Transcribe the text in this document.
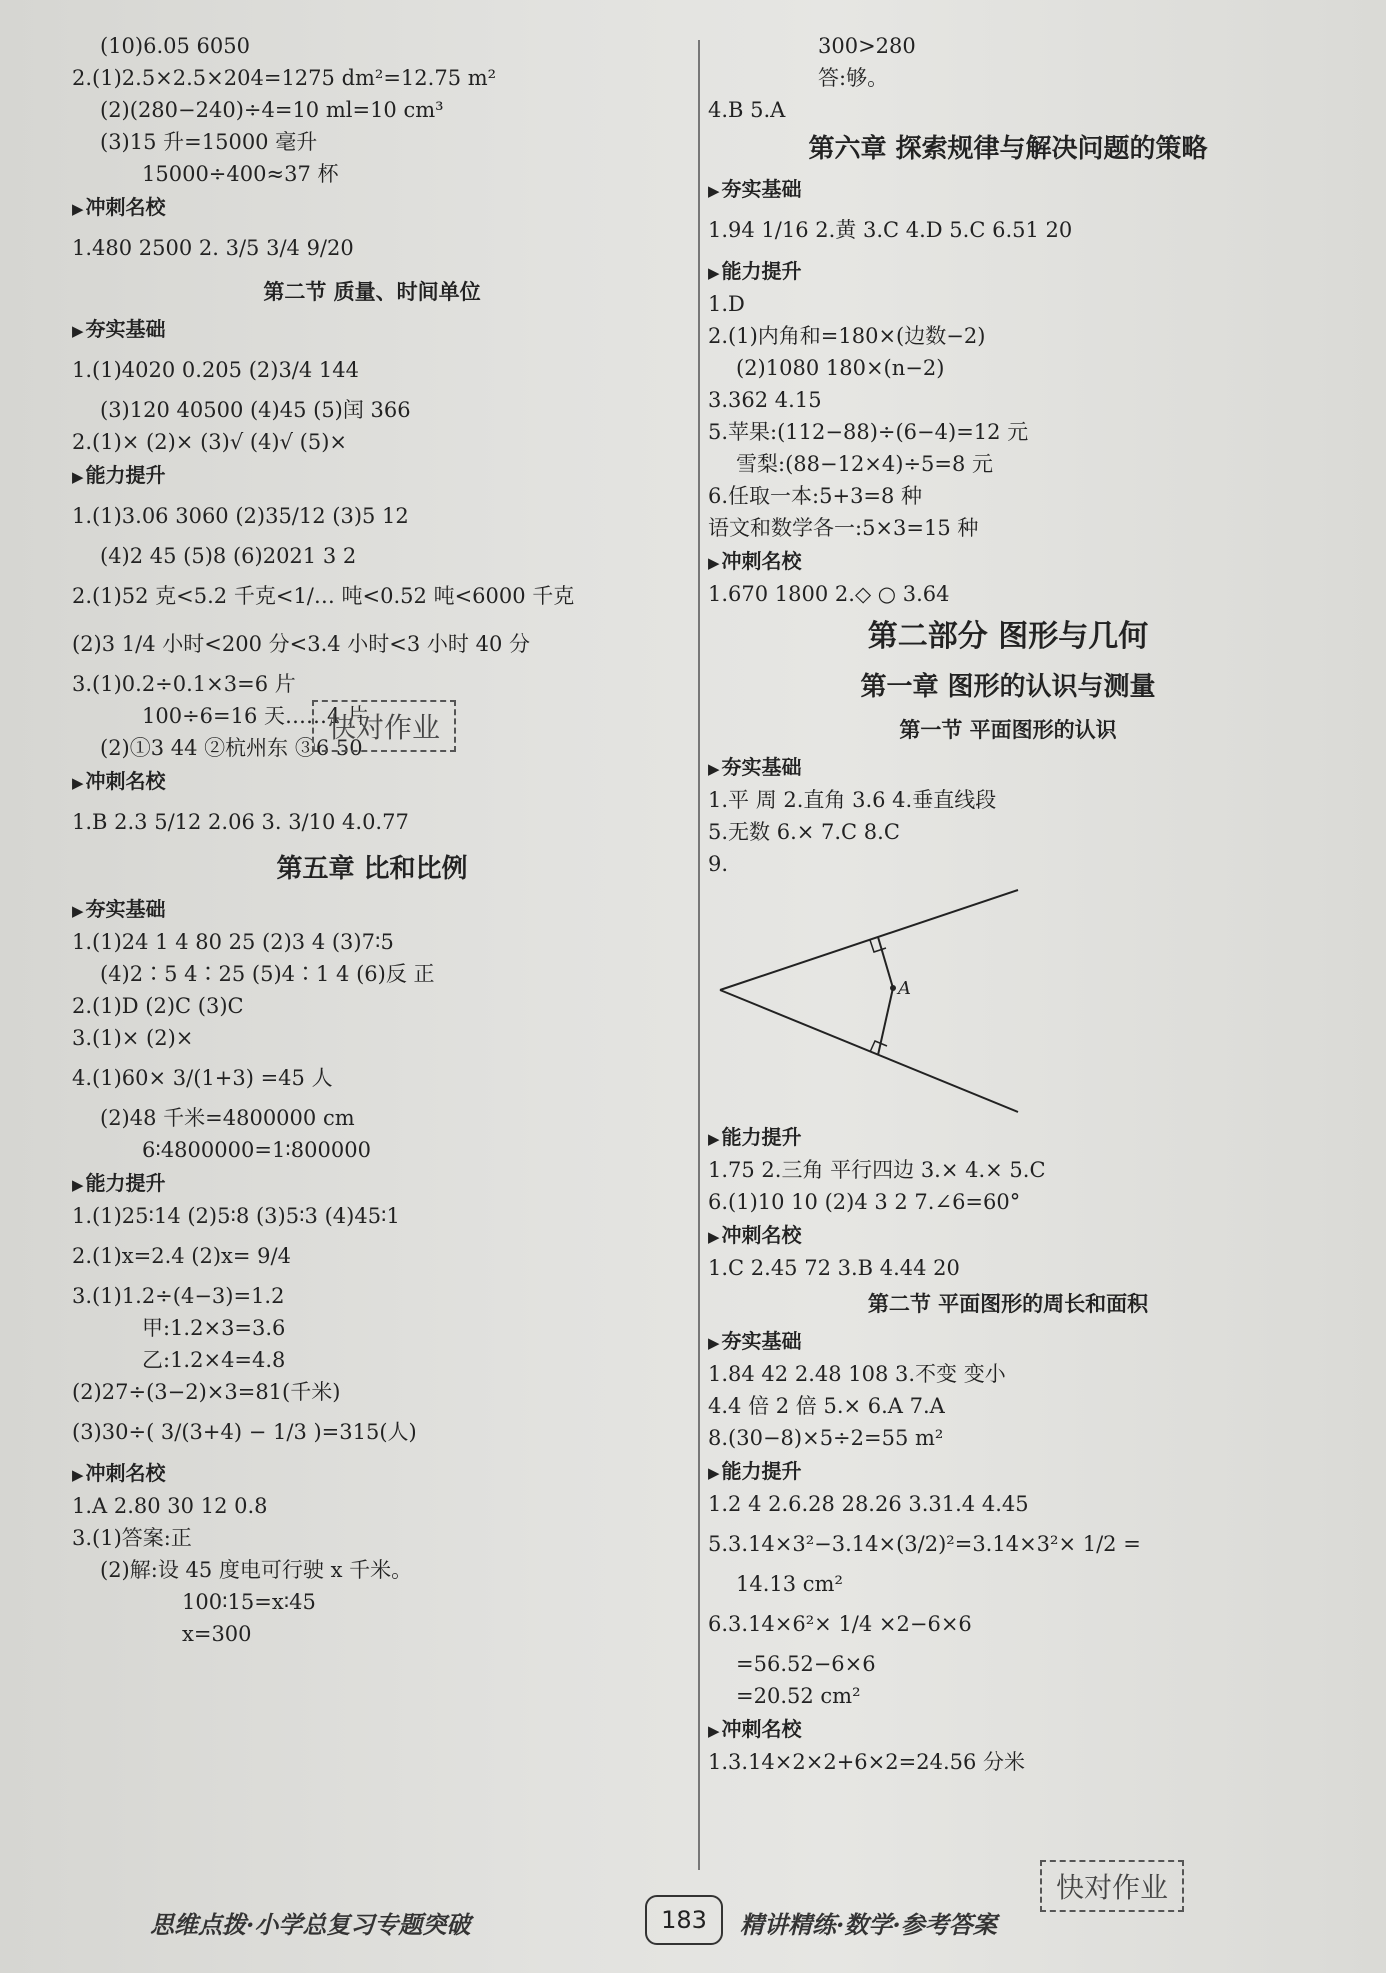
(10)6.05 6050
2.(1)2.5×2.5×204=1275 dm²=12.75 m²
(2)(280−240)÷4=10 ml=10 cm³
(3)15 升=15000 毫升
15000÷400≈37 杯
▶ 冲刺名校
1.480 2500 2. 3/5 3/4 9/20
第二节 质量、时间单位
▶ 夯实基础
1.(1)4020 0.205 (2)3/4 144
(3)120 40500 (4)45 (5)闰 366
2.(1)× (2)× (3)√ (4)√ (5)×
▶ 能力提升
1.(1)3.06 3060 (2)35/12 (3)5 12
(4)2 45 (5)8 (6)2021 3 2
2.(1)52 克<5.2 千克<1/… 吨<0.52 吨<6000 千克
(2)3 1/4 小时<200 分<3.4 小时<3 小时 40 分
3.(1)0.2÷0.1×3=6 片
100÷6=16 天……4 片
(2)①3 44 ②杭州东 ③6 50
▶ 冲刺名校
1.B 2.3 5/12 2.06 3. 3/10 4.0.77
第五章 比和比例
▶ 夯实基础
1.(1)24 1 4 80 25 (2)3 4 (3)7∶5
(4)2∶5 4∶25 (5)4∶1 4 (6)反 正
2.(1)D (2)C (3)C
3.(1)× (2)×
4.(1)60× 3/(1+3) =45 人
(2)48 千米=4800000 cm
6∶4800000=1∶800000
▶ 能力提升
1.(1)25∶14 (2)5∶8 (3)5∶3 (4)45∶1
2.(1)x=2.4 (2)x= 9/4
3.(1)1.2÷(4−3)=1.2
甲:1.2×3=3.6
乙:1.2×4=4.8
(2)27÷(3−2)×3=81(千米)
(3)30÷( 3/(3+4) − 1/3 )=315(人)
▶ 冲刺名校
1.A 2.80 30 12 0.8
3.(1)答案:正
(2)解:设 45 度电可行驶 x 千米。
100∶15=x∶45
x=300
300>280
答:够。
4.B 5.A
第六章 探索规律与解决问题的策略
▶ 夯实基础
1.94 1/16 2.黄 3.C 4.D 5.C 6.51 20
▶ 能力提升
1.D
2.(1)内角和=180×(边数−2)
(2)1080 180×(n−2)
3.362 4.15
5.苹果:(112−88)÷(6−4)=12 元
雪梨:(88−12×4)÷5=8 元
6.任取一本:5+3=8 种
语文和数学各一:5×3=15 种
▶ 冲刺名校
1.670 1800 2.◇ ○ 3.64
第二部分 图形与几何
第一章 图形的认识与测量
第一节 平面图形的认识
▶ 夯实基础
1.平 周 2.直角 3.6 4.垂直线段
5.无数 6.× 7.C 8.C
9.
A
▶ 能力提升
1.75 2.三角 平行四边 3.× 4.× 5.C
6.(1)10 10 (2)4 3 2 7.∠6=60°
▶ 冲刺名校
1.C 2.45 72 3.B 4.44 20
第二节 平面图形的周长和面积
▶ 夯实基础
1.84 42 2.48 108 3.不变 变小
4.4 倍 2 倍 5.× 6.A 7.A
8.(30−8)×5÷2=55 m²
▶ 能力提升
1.2 4 2.6.28 28.26 3.31.4 4.45
5.3.14×3²−3.14×(3/2)²=3.14×3²× 1/2 =
14.13 cm²
6.3.14×6²× 1/4 ×2−6×6
=56.52−6×6
=20.52 cm²
▶ 冲刺名校
1.3.14×2×2+6×2=24.56 分米
快对作业
快对作业
思维点拨·小学总复习专题突破	183	精讲精练·数学·参考答案
